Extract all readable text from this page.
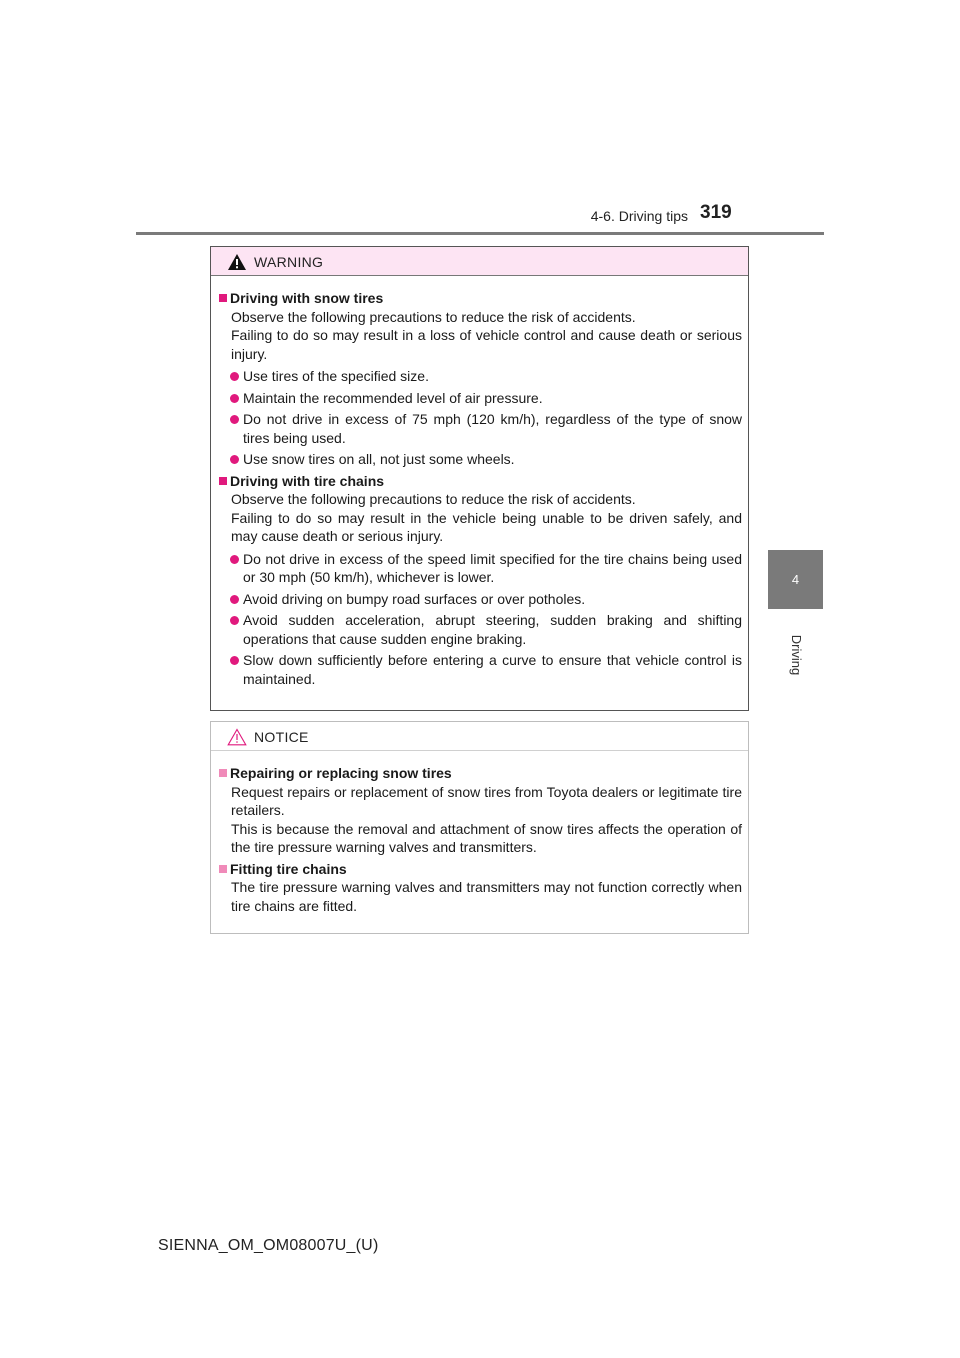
4-6. Driving tips 319
4
Driving
WARNING
Driving with snow tires
Observe the following precautions to reduce the risk of accidents.
Failing to do so may result in a loss of vehicle control and cause death or serious injury.
Use tires of the specified size.
Maintain the recommended level of air pressure.
Do not drive in excess of 75 mph (120 km/h), regardless of the type of snow tires being used.
Use snow tires on all, not just some wheels.
Driving with tire chains
Observe the following precautions to reduce the risk of accidents.
Failing to do so may result in the vehicle being unable to be driven safely, and may cause death or serious injury.
Do not drive in excess of the speed limit specified for the tire chains being used or 30 mph (50 km/h), whichever is lower.
Avoid driving on bumpy road surfaces or over potholes.
Avoid sudden acceleration, abrupt steering, sudden braking and shifting operations that cause sudden engine braking.
Slow down sufficiently before entering a curve to ensure that vehicle control is maintained.
NOTICE
Repairing or replacing snow tires
Request repairs or replacement of snow tires from Toyota dealers or legitimate tire retailers.
This is because the removal and attachment of snow tires affects the operation of the tire pressure warning valves and transmitters.
Fitting tire chains
The tire pressure warning valves and transmitters may not function correctly when tire chains are fitted.
SIENNA_OM_OM08007U_(U)
